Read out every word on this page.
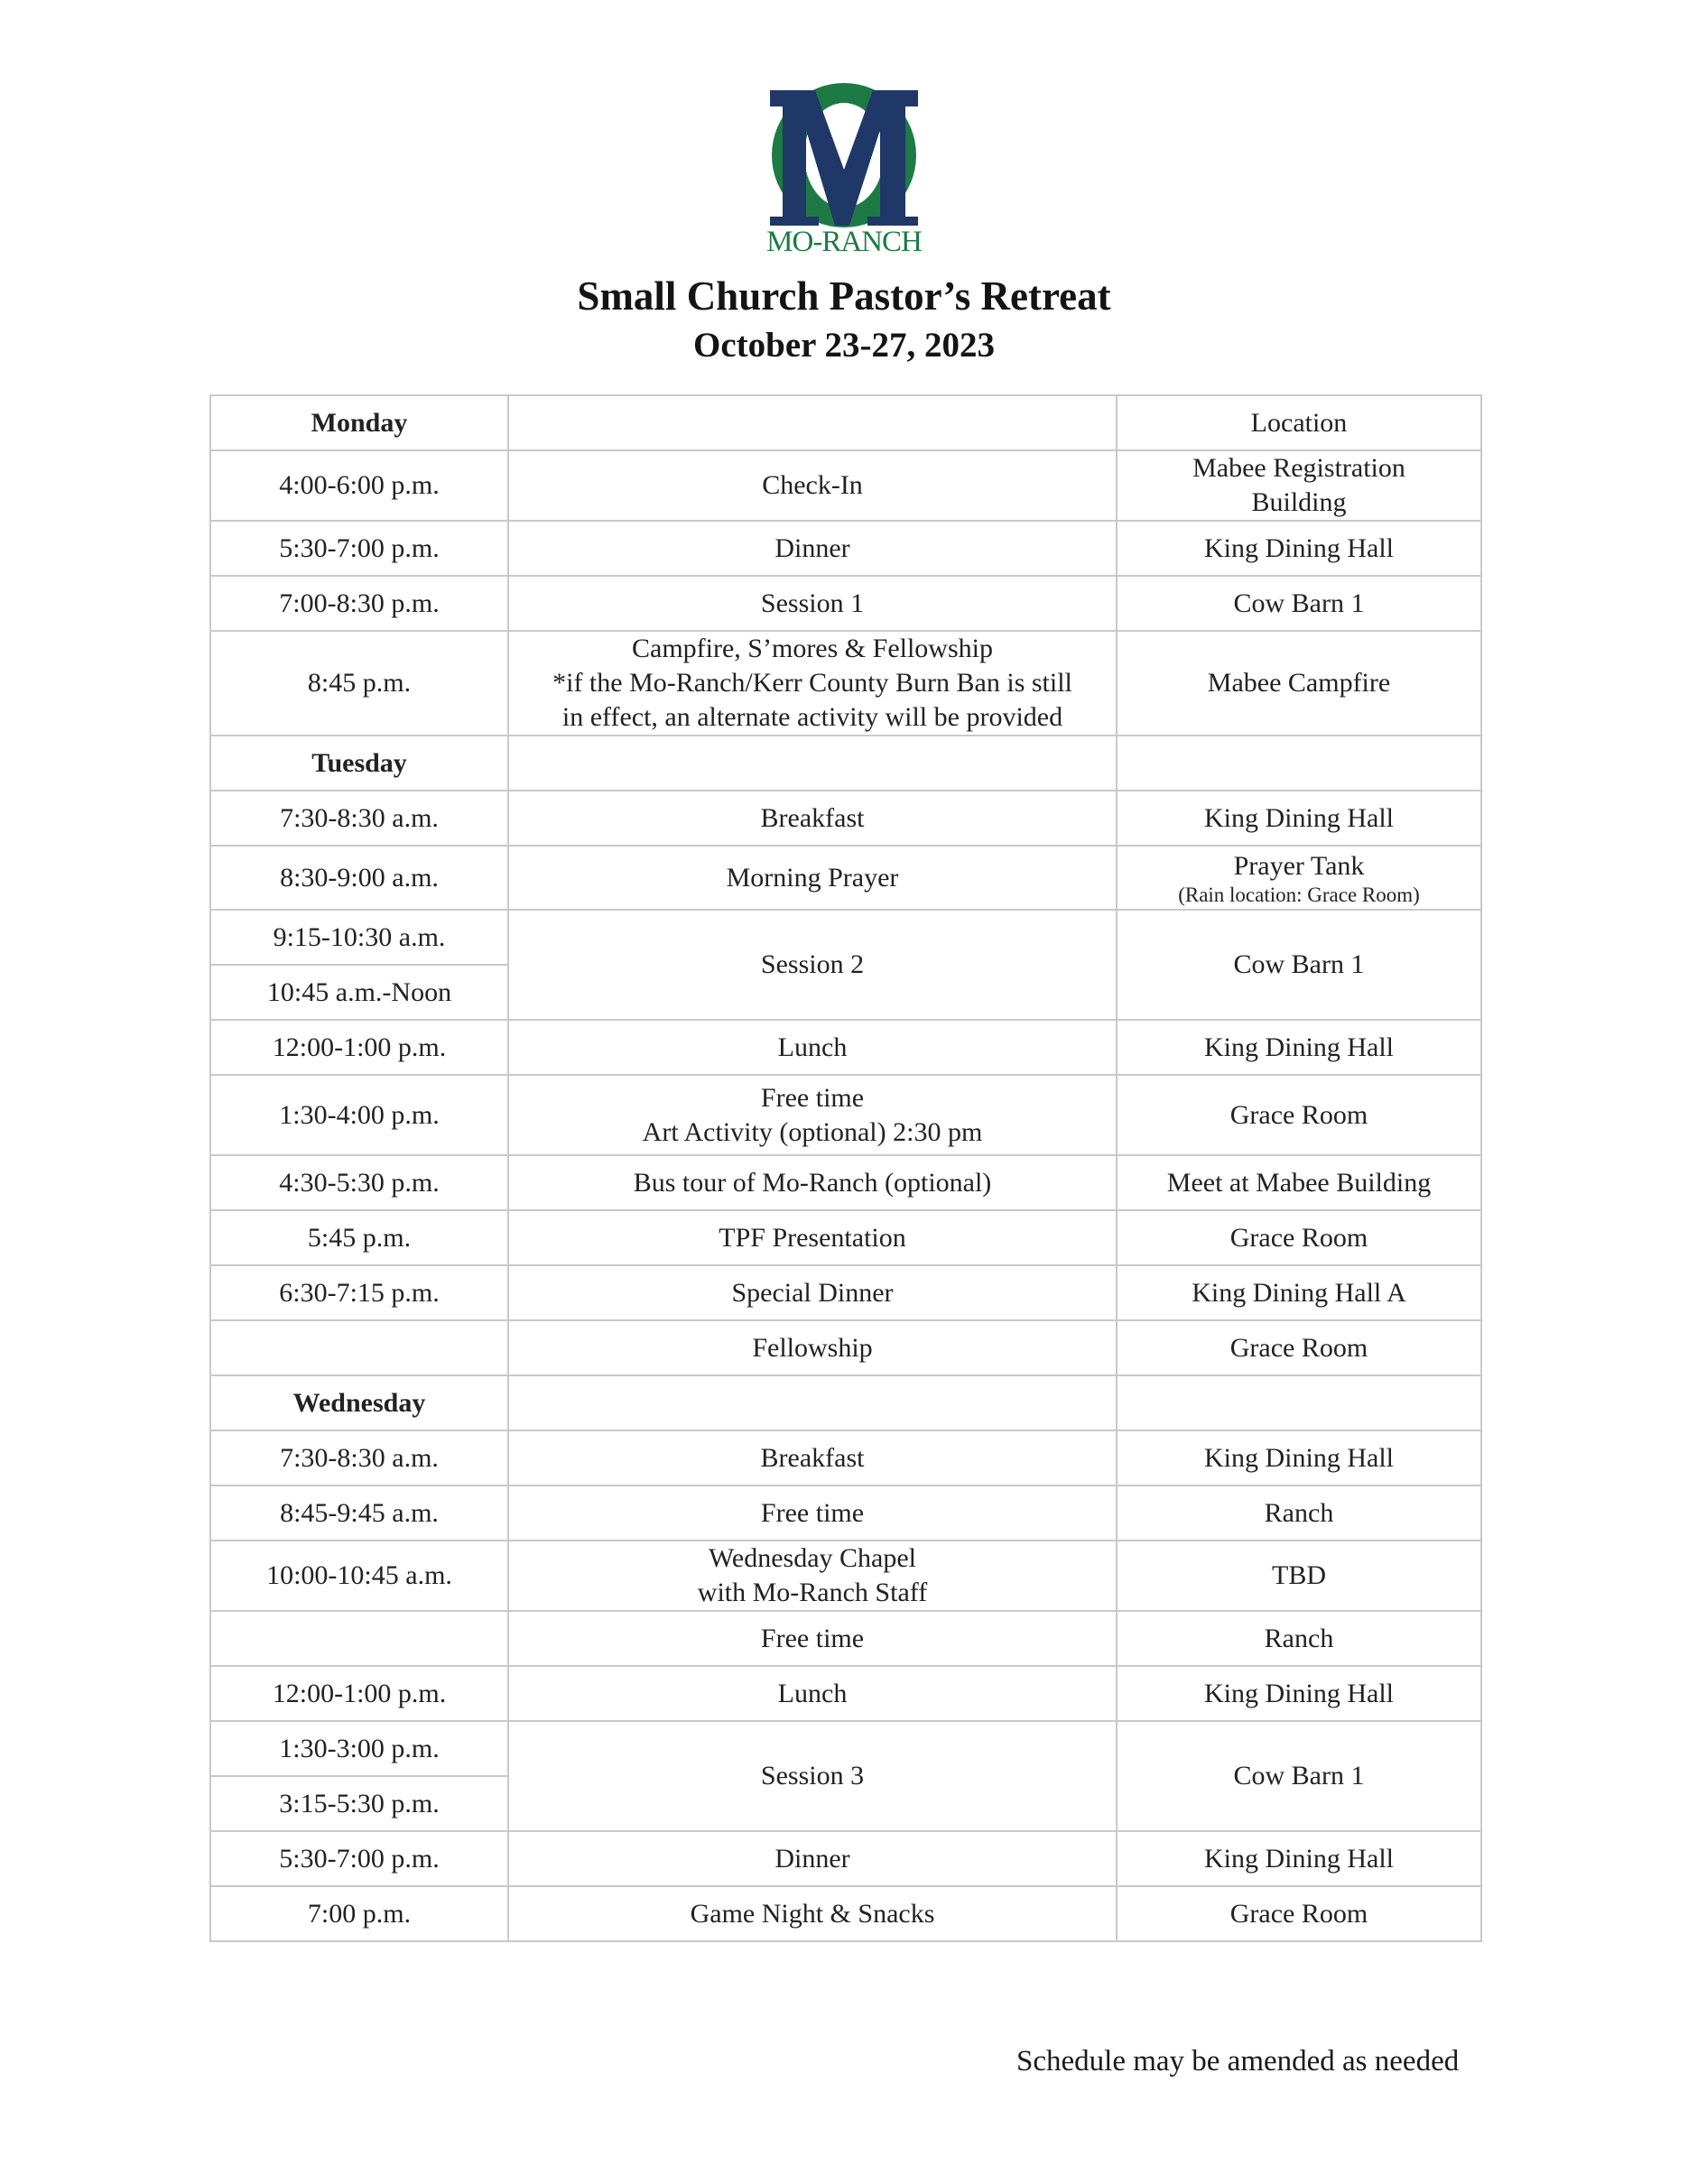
MO-RANCH
Small Church Pastor’s Retreat
October 23-27, 2023
Monday		Location
4:00-6:00 p.m.	Check-In	Mabee Registration
Building

5:30-7:00 p.m.	Dinner	King Dining Hall
7:00-8:30 p.m.	Session 1	Cow Barn 1
8:45 p.m.	Campfire, S’mores & Fellowship
*if the Mo-Ranch/Kerr County Burn Ban is still
in effect, an alternate activity will be provided	Mabee Campfire
Tuesday		
7:30-8:30 a.m.	Breakfast	King Dining Hall
8:30-9:00 a.m.	Morning Prayer	Prayer Tank
(Rain location: Grace Room)

9:15-10:30 a.m.	Session 2	Cow Barn 1
10:45 a.m.-Noon		
12:00-1:00 p.m.	Lunch	King Dining Hall
1:30-4:00 p.m.	Free time
Art Activity (optional) 2:30 pm	Grace Room
4:30-5:30 p.m.	Bus tour of Mo-Ranch (optional)	Meet at Mabee Building
5:45 p.m.	TPF Presentation	Grace Room
6:30-7:15 p.m.	Special Dinner	King Dining Hall A
	Fellowship	Grace Room
Wednesday		
7:30-8:30 a.m.	Breakfast	King Dining Hall
8:45-9:45 a.m.	Free time	Ranch
10:00-10:45 a.m.	Wednesday Chapel
with Mo-Ranch Staff	TBD
	Free time	Ranch
12:00-1:00 p.m.	Lunch	King Dining Hall
1:30-3:00 p.m.	Session 3	Cow Barn 1
3:15-5:30 p.m.		
5:30-7:00 p.m.	Dinner	King Dining Hall
7:00 p.m.	Game Night & Snacks	Grace Room
Schedule may be amended as needed
